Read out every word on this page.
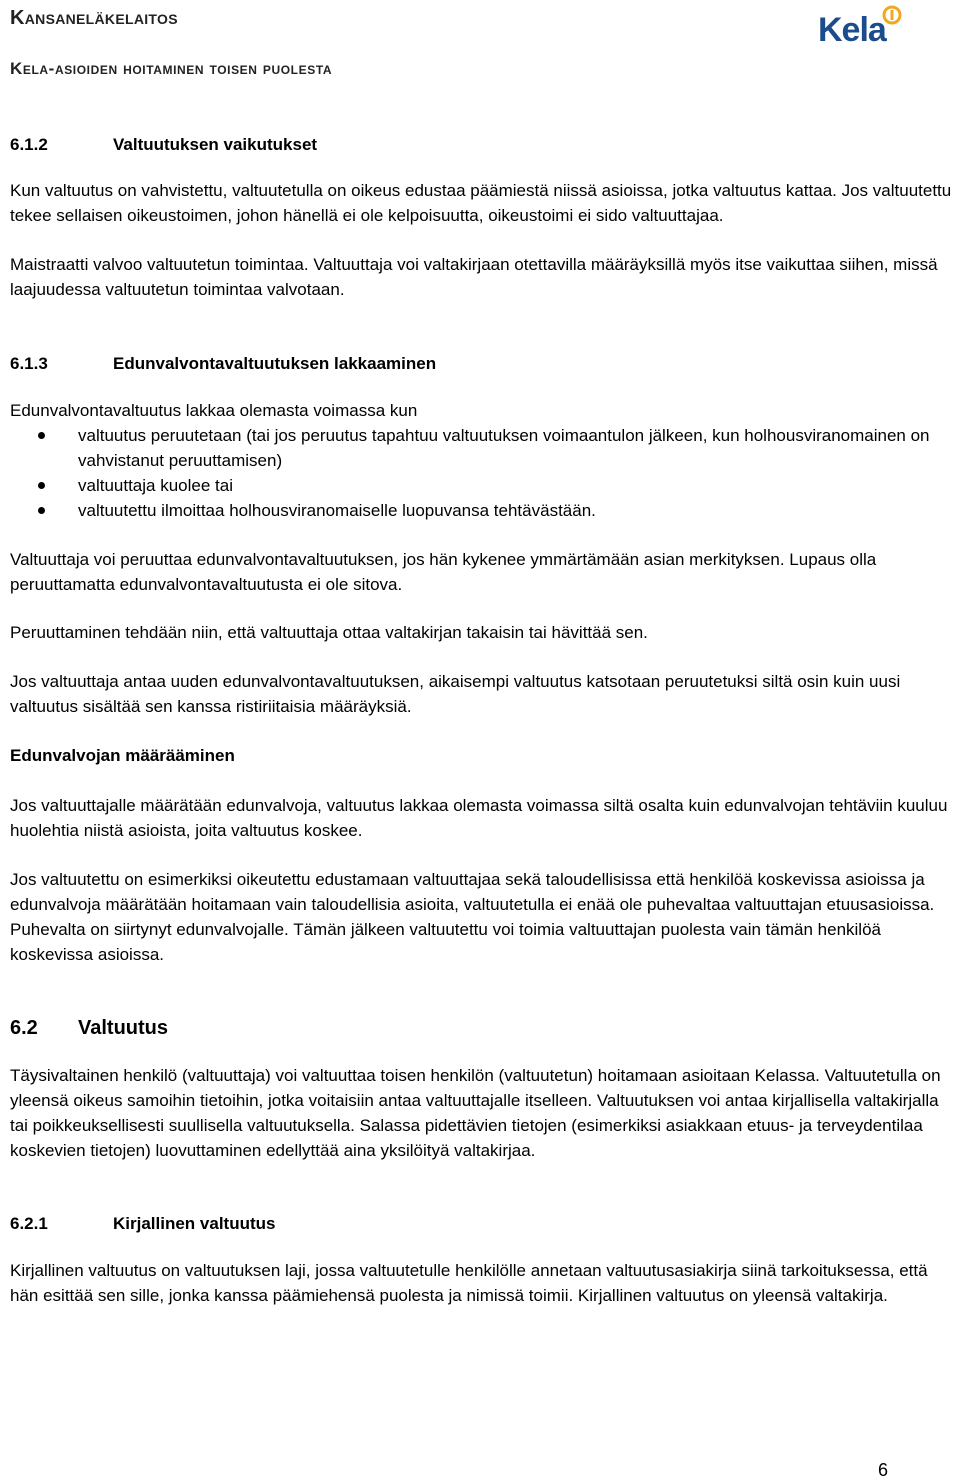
Kansaneläkelaitos
Kela-asioiden hoitaminen toisen puolesta
Kela
6.1.2	Valtuutuksen vaikutukset

Kun valtuutus on vahvistettu, valtuutetulla on oikeus edustaa päämiestä niissä asioissa, jotka valtuutus kattaa. Jos valtuutettu tekee sellaisen oikeustoimen, johon hänellä ei ole kelpoisuutta, oikeustoimi ei sido valtuuttajaa.

Maistraatti valvoo valtuutetun toimintaa. Valtuuttaja voi valtakirjaan otettavilla määräyksillä myös itse vaikuttaa siihen, missä laajuudessa valtuutetun toimintaa valvotaan.

6.1.3	Edunvalvontavaltuutuksen lakkaaminen

Edunvalvontavaltuutus lakkaa olemasta voimassa kun

valtuutus peruutetaan (tai jos peruutus tapahtuu valtuutuksen voimaantulon jälkeen, kun holhousviranomainen on vahvistanut peruuttamisen)
valtuuttaja kuolee tai
valtuutettu ilmoittaa holhousviranomaiselle luopuvansa tehtävästään.

Valtuuttaja voi peruuttaa edunvalvontavaltuutuksen, jos hän kykenee ymmärtämään asian merkityksen. Lupaus olla peruuttamatta edunvalvontavaltuutusta ei ole sitova.

Peruuttaminen tehdään niin, että valtuuttaja ottaa valtakirjan takaisin tai hävittää sen.

Jos valtuuttaja antaa uuden edunvalvontavaltuutuksen, aikaisempi valtuutus katsotaan peruutetuksi siltä osin kuin uusi valtuutus sisältää sen kanssa ristiriitaisia määräyksiä.

Edunvalvojan määrääminen

Jos valtuuttajalle määrätään edunvalvoja, valtuutus lakkaa olemasta voimassa siltä osalta kuin edunvalvojan tehtäviin kuuluu huolehtia niistä asioista, joita valtuutus koskee.

Jos valtuutettu on esimerkiksi oikeutettu edustamaan valtuuttajaa sekä taloudellisissa että henkilöä koskevissa asioissa ja edunvalvoja määrätään hoitamaan vain taloudellisia asioita, valtuutetulla ei enää ole puhevaltaa valtuuttajan etuusasioissa. Puhevalta on siirtynyt edunvalvojalle. Tämän jälkeen valtuutettu voi toimia valtuuttajan puolesta vain tämän henkilöä koskevissa asioissa.

6.2	Valtuutus

Täysivaltainen henkilö (valtuuttaja) voi valtuuttaa toisen henkilön (valtuutetun) hoitamaan asioitaan Kelassa. Valtuutetulla on yleensä oikeus samoihin tietoihin, jotka voitaisiin antaa valtuuttajalle itselleen. Valtuutuksen voi antaa kirjallisella valtakirjalla tai poikkeuksellisesti suullisella valtuutuksella. Salassa pidettävien tietojen (esimerkiksi asiakkaan etuus- ja terveydentilaa koskevien tietojen) luovuttaminen edellyttää aina yksilöityä valtakirjaa.

6.2.1	Kirjallinen valtuutus

Kirjallinen valtuutus on valtuutuksen laji, jossa valtuutetulle henkilölle annetaan valtuutusasiakirja siinä tarkoituksessa, että hän esittää sen sille, jonka kanssa päämiehensä puolesta ja nimissä toimii. Kirjallinen valtuutus on yleensä valtakirja.

6
